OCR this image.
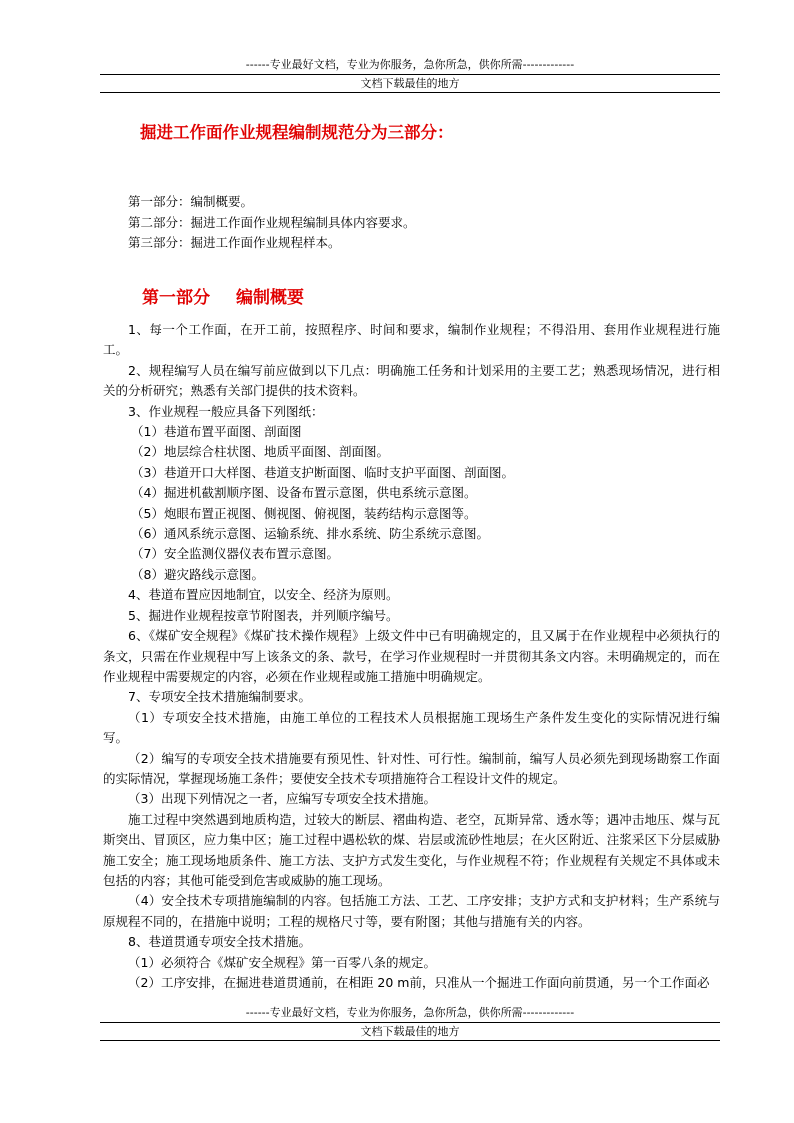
------专业最好文档，专业为你服务，急你所急，供你所需-------------
文档下载最佳的地方
掘进工作面作业规程编制规范分为三部分：
第一部分：编制概要。
第二部分：掘进工作面作业规程编制具体内容要求。
第三部分：掘进工作面作业规程样本。
第一部分 编制概要

1、每一个工作面，在开工前，按照程序、时间和要求，编制作业规程；不得沿用、套用作业规程进行施工。

2、规程编写人员在编写前应做到以下几点：明确施工任务和计划采用的主要工艺；熟悉现场情况，进行相关的分析研究；熟悉有关部门提供的技术资料。

3、作业规程一般应具备下列图纸：

（1）巷道布置平面图、剖面图

（2）地层综合柱状图、地质平面图、剖面图。

（3）巷道开口大样图、巷道支护断面图、临时支护平面图、剖面图。

（4）掘进机截割顺序图、设备布置示意图，供电系统示意图。

（5）炮眼布置正视图、侧视图、俯视图，装药结构示意图等。

（6）通风系统示意图、运输系统、排水系统、防尘系统示意图。

（7）安全监测仪器仪表布置示意图。

（8）避灾路线示意图。

4、巷道布置应因地制宜，以安全、经济为原则。

5、掘进作业规程按章节附图表，并列顺序编号。

6、《煤矿安全规程》《煤矿技术操作规程》上级文件中已有明确规定的，且又属于在作业规程中必须执行的条文，只需在作业规程中写上该条文的条、款号，在学习作业规程时一并贯彻其条文内容。未明确规定的，而在作业规程中需要规定的内容，必须在作业规程或施工措施中明确规定。

7、专项安全技术措施编制要求。

（1）专项安全技术措施，由施工单位的工程技术人员根据施工现场生产条件发生变化的实际情况进行编写。

（2）编写的专项安全技术措施要有预见性、针对性、可行性。编制前，编写人员必须先到现场勘察工作面的实际情况，掌握现场施工条件；要使安全技术专项措施符合工程设计文件的规定。

（3）出现下列情况之一者，应编写专项安全技术措施。

施工过程中突然遇到地质构造，过较大的断层、褶曲构造、老空，瓦斯异常、透水等；遇冲击地压、煤与瓦斯突出、冒顶区，应力集中区；施工过程中遇松软的煤、岩层或流砂性地层；在火区附近、注浆采区下分层威胁施工安全；施工现场地质条件、施工方法、支护方式发生变化，与作业规程不符；作业规程有关规定不具体或未包括的内容；其他可能受到危害或威胁的施工现场。

（4）安全技术专项措施编制的内容。包括施工方法、工艺、工序安排；支护方式和支护材料；生产系统与原规程不同的，在措施中说明；工程的规格尺寸等，要有附图；其他与措施有关的内容。

8、巷道贯通专项安全技术措施。

（1）必须符合《煤矿安全规程》第一百零八条的规定。

（2）工序安排，在掘进巷道贯通前，在相距 20 m前，只准从一个掘进工作面向前贯通，另一个工作面必

------专业最好文档，专业为你服务，急你所急，供你所需-------------
文档下载最佳的地方
